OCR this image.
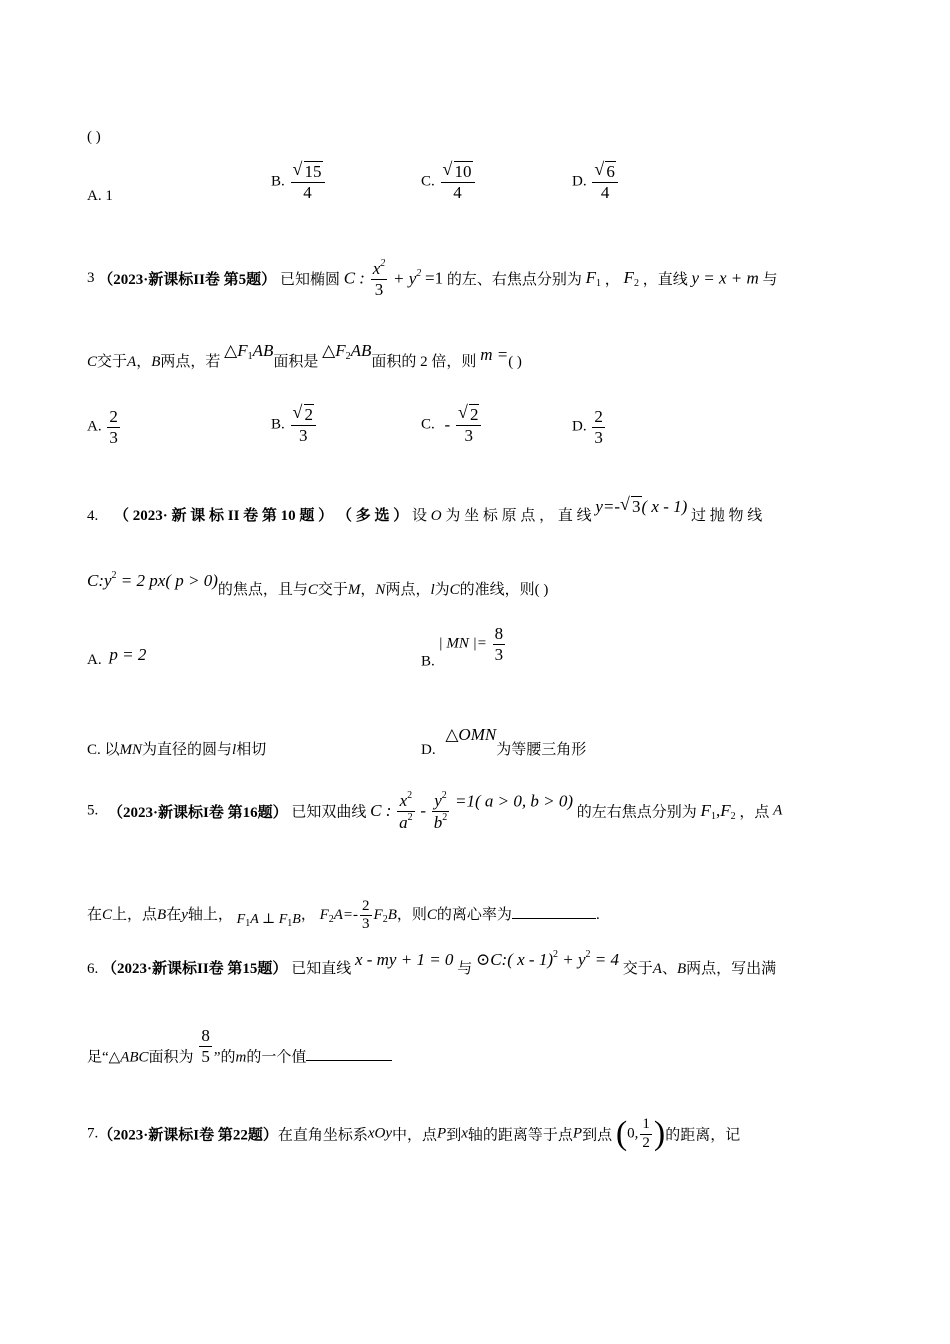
( )
A. 1
B. $\frac{√ 15}{4}$	C. $\frac{√ 10}{4}$	D. $\frac{√ 6}{4}$
3 （2023·新课标II卷 第5题） 已知椭圆 C : $\frac{x^2}{3} + y^2 =1$ 的左、右焦点分别为 $F_1$ ， $F_2$ ，直线 y = x + m 与
C交于A，B两点，若 $\triangle F_1AB$面积是 $\triangle F_2AB$面积的 2 倍，则 m =( )
A. $\frac{2}{3}$	B. $\frac{√ 2}{3}$	C. - $\frac{√ 2}{3}$	D. $\frac{2}{3}$
4. （ 2023· 新 课 标 II 卷 第 10 题 ） （ 多 选 ） 设 O 为 坐 标 原 点 ， 直 线 y=- √ 3( x - 1) 过 抛 物 线
$C:y^2 = 2$ px( p > 0)的焦点，且与C交于M，N两点，l为C的准线，则( )
A. p = 2	B. | MN |= $\frac{8}{3}$
C. 以MN为直径的圆与l相切	D. △OMN为等腰三角形
5. （2023·新课标I卷 第16题） 已知双曲线 C : $\frac{x^2}{a^2} - \frac{y^2}{b^2} =1$( a > 0, b > 0) 的左右焦点分别为 $F_1,F_2$ ，点 A
在C上，点B在y轴上， $F_1A$ ⊥ $F_1B$， $F_2A=- \frac{2}{3} F_2B$，则C的离心率为	.
6. （2023·新课标II卷 第15题） 已知直线 x - my + 1 = 0 与 ⊙C:( $x - 1)^2 + y^2 = 4$ 交于A、B两点，写出满
足“△ABC面积为 $\frac{8}{5}$ ”的m的一个值
7.（2023·新课标I卷 第22题）在直角坐标系xOy中，点P到x轴的距离等于点P到点 (0, $\frac{1}{2}$ )的距离，记
